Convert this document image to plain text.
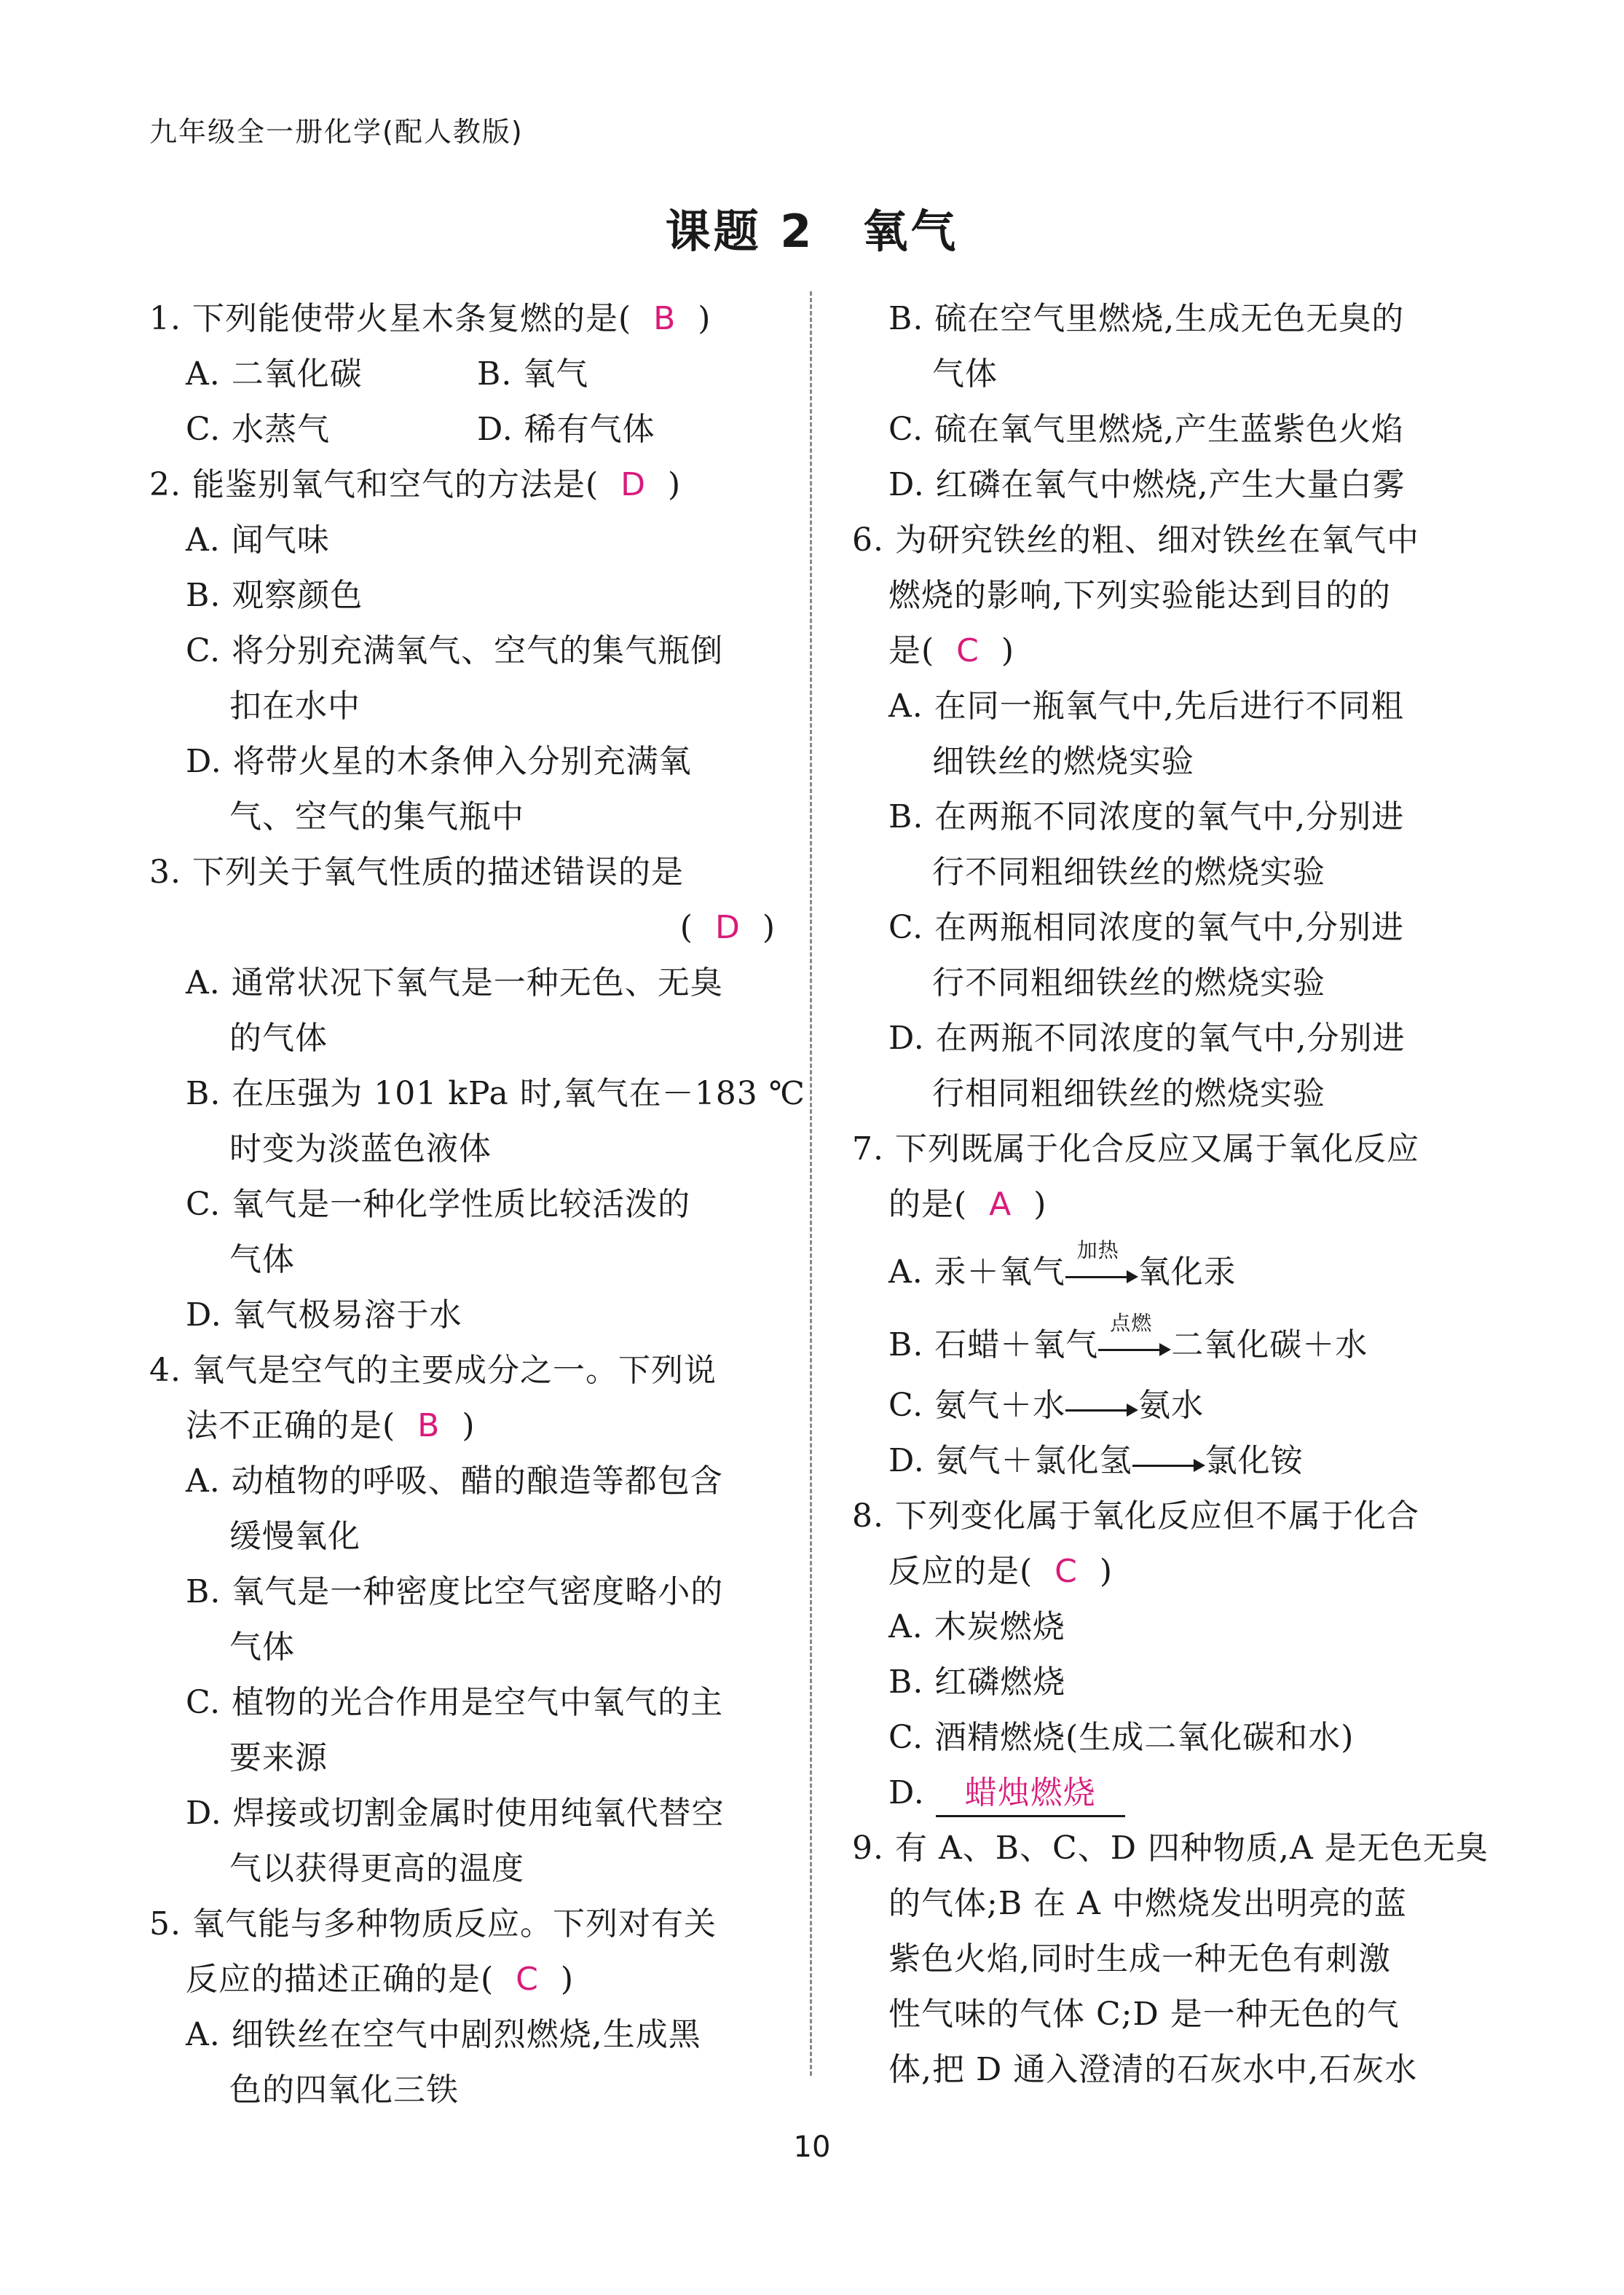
九年级全一册化学(配人教版)
课题 2　氧气
1. 下列能使带火星木条复燃的是( B )
A. 二氧化碳	B. 氧气
C. 水蒸气	D. 稀有气体
2. 能鉴别氧气和空气的方法是( D )
A. 闻气味
B. 观察颜色
C. 将分别充满氧气、空气的集气瓶倒
扣在水中
D. 将带火星的木条伸入分别充满氧
气、空气的集气瓶中
3. 下列关于氧气性质的描述错误的是
( D )
A. 通常状况下氧气是一种无色、无臭
的气体
B. 在压强为 101 kPa 时,氧气在－183 ℃
时变为淡蓝色液体
C. 氧气是一种化学性质比较活泼的
气体
D. 氧气极易溶于水
4. 氧气是空气的主要成分之一。下列说
法不正确的是( B )
A. 动植物的呼吸、醋的酿造等都包含
缓慢氧化
B. 氧气是一种密度比空气密度略小的
气体
C. 植物的光合作用是空气中氧气的主
要来源
D. 焊接或切割金属时使用纯氧代替空
气以获得更高的温度
5. 氧气能与多种物质反应。下列对有关
反应的描述正确的是( C )
A. 细铁丝在空气中剧烈燃烧,生成黑
色的四氧化三铁
B. 硫在空气里燃烧,生成无色无臭的
气体
C. 硫在氧气里燃烧,产生蓝紫色火焰
D. 红磷在氧气中燃烧,产生大量白雾
6. 为研究铁丝的粗、细对铁丝在氧气中
燃烧的影响,下列实验能达到目的的
是( C )
A. 在同一瓶氧气中,先后进行不同粗
细铁丝的燃烧实验
B. 在两瓶不同浓度的氧气中,分别进
行不同粗细铁丝的燃烧实验
C. 在两瓶相同浓度的氧气中,分别进
行不同粗细铁丝的燃烧实验
D. 在两瓶不同浓度的氧气中,分别进
行相同粗细铁丝的燃烧实验
7. 下列既属于化合反应又属于氧化反应
的是( A )
A. 汞＋氧气
加热
氧化汞
B. 石蜡＋氧气
点燃
二氧化碳＋水
C. 氨气＋水 氨水
D. 氨气＋氯化氢 氯化铵
8. 下列变化属于氧化反应但不属于化合
反应的是( C )
A. 木炭燃烧
B. 红磷燃烧
C. 酒精燃烧(生成二氧化碳和水)
D. 蜡烛燃烧
9. 有 A、B、C、D 四种物质,A 是无色无臭
的气体;B 在 A 中燃烧发出明亮的蓝
紫色火焰,同时生成一种无色有刺激
性气味的气体 C;D 是一种无色的气
体,把 D 通入澄清的石灰水中,石灰水
10
